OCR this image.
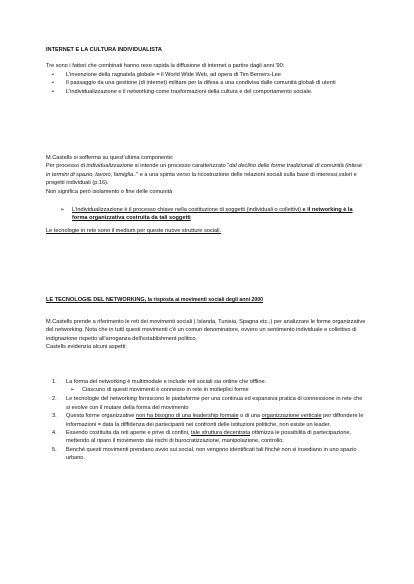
INTERNET E LA CULTURA INDIVIDUALISTA

Tre sono i fattori che combinati hanno reso rapida la diffusione di internet a partire dagli anni '90:

• L'invenzione della ragnatela globale = il World Wide Web, ad opera di Tim Berners-Lee
• Il passaggio da una gestione (di internet) militare per la difesa a una condivisa dalle comunità globali di utenti
• L'individualizzazione e il networking come trasformazioni della cultura e del comportamento sociale.

M.Castells si sofferma su quest'ultima componente:

Per processo di individualizzazione si intende un processo caratterizzato "dal declino delle forme tradizionali di comunità (intese in termini di spazio, lavoro, famiglia.." e a una spinta verso la ricostruzione delle relazioni sociali sulla base di interessi,valori e progetti individuali (p.16).

Non significa però isolamento o fine delle comunità

➢ L'individualizzazione è il processo chiave nella costituzione di soggetti (individuali o collettivi) e il networking è la forma organizzativa costruita da tali soggetti

Le tecnologie in rete sono il medium per queste nuove strutture sociali.

LE TECNOLOGIE DEL NETWORKING, la risposta ai movimenti sociali degli anni 2000

M.Castells prende a riferimento le reti dei movimenti sociali ( Islanda, Tunisia, Spagna etc..) per analizzare le forme organizzative del networking. Nota che in tutti questi movimenti c'è un comun denominatore, ovvero un sentimento individuale e collettivo di indignazione rispetto all'arroganza dell'establishment politico.

Castells evidenzia alcuni aspetti:

1. La forma del networking è multimodale e include reti sociali sia online che offline.
➢ Ciascuno di questi movimenti è connesso in rete in molteplici forme
2. Le tecnologie del networking forniscono le piattaforme per una continua ed espansiva pratica di connessione in rete che si evolve con il mutare della forma del movimento
3. Questa forme organizzative non ha bisogno di una leadership formale o di una organizzazione verticale per diffondere le informazioni = data la diffidenza dei partecipanti nei confronti delle istituzioni politiche, non esiste un leader.
4. Essendo costituita da reti aperte e prive di confini, tale struttura decentrata ottimizza le possibilità di partecipazione, mettendo al riparo il movimento dai rischi di burocratizzazione, manipolazione, controllo.
5. Benché questi movimenti prendano avvio sui social, non vengono identificati tali finché non si insediano in uno spazio urbano.
